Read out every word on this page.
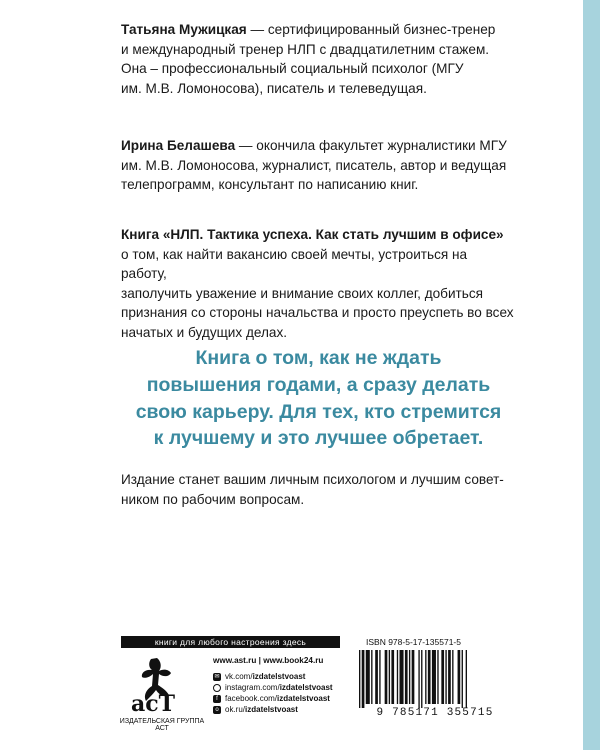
Татьяна Мужицкая — сертифицированный бизнес-тренер
и международный тренер НЛП с двадцатилетним стажем.
Она – профессиональный социальный психолог (МГУ
им. М.В. Ломоносова), писатель и телеведущая.

Ирина Белашева — окончила факультет журналистики МГУ
им. М.В. Ломоносова, журналист, писатель, автор и ведущая
телепрограмм, консультант по написанию книг.

Книга «НЛП. Тактика успеха. Как стать лучшим в офисе»
о том, как найти вакансию своей мечты, устроиться на работу,
заполучить уважение и внимание своих коллег, добиться
признания со стороны начальства и просто преуспеть во всех
начатых и будущих делах.

Книга о том, как не ждать
повышения годами, а сразу делать
свою карьеру. Для тех, кто стремится
к лучшему и это лучшее обретает.

Издание станет вашим личным психологом и лучшим совет-
ником по рабочим вопросам.

книги для любого настроения здесь	ISBN 978-5-17-135571-5
acT
ИЗДАТЕЛЬСКАЯ ГРУППА АСТ
www.ast.ru | www.book24.ru
✉ vk.com/ izdatelstvoast
instagram.com/ izdatelstvoast
f facebook.com/ izdatelstvoast
o ok.ru/ izdatelstvoast	9 785171 355715
